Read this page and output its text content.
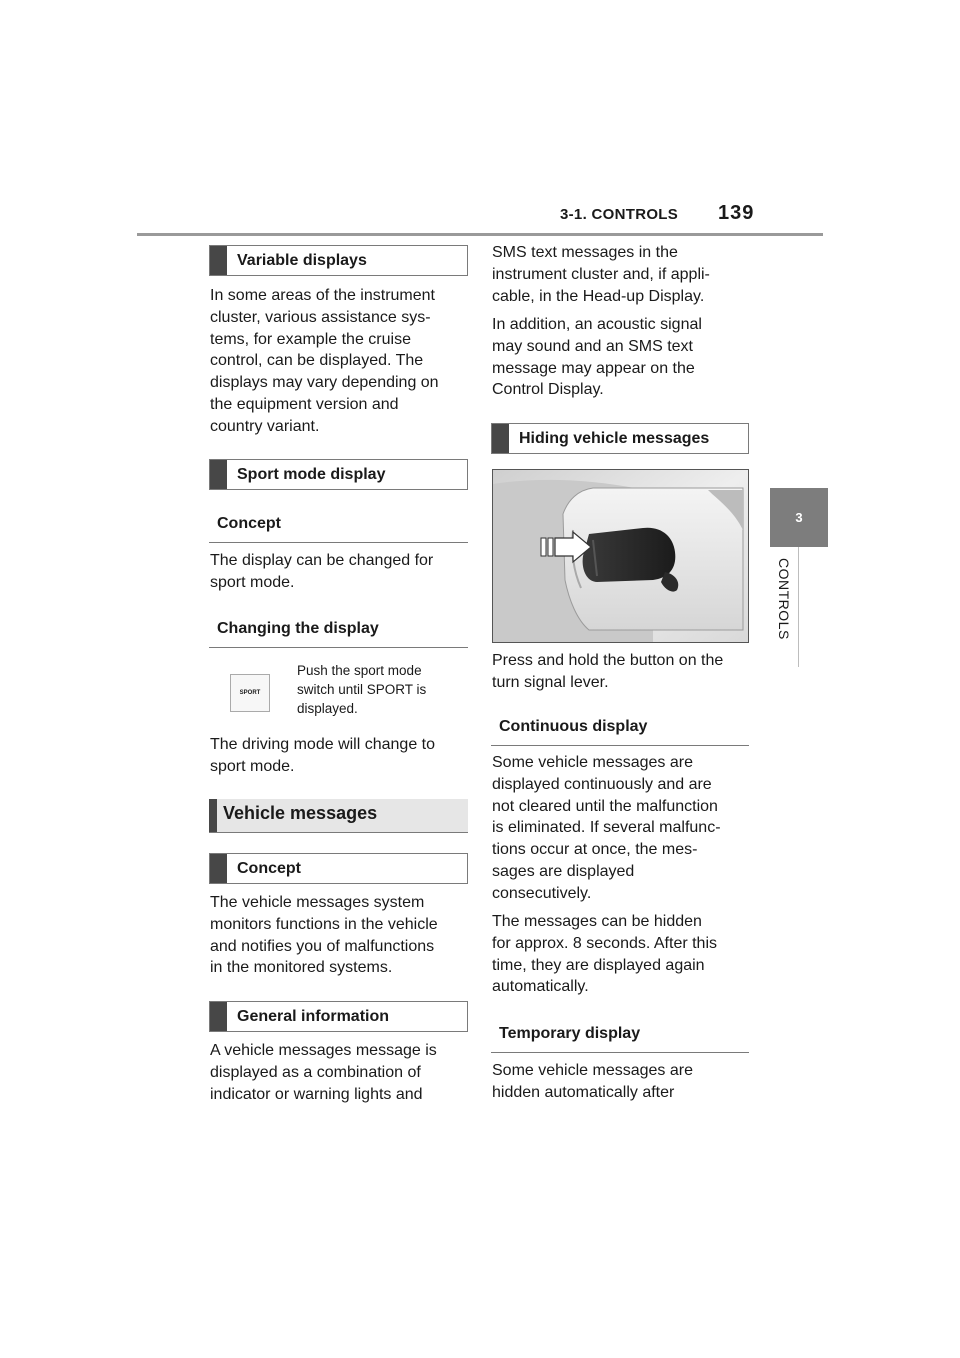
3-1. CONTROLS 139
3
CONTROLS
Variable displays
In some areas of the instrument
cluster, various assistance sys-
tems, for example the cruise
control, can be displayed. The
displays may vary depending on
the equipment version and
country variant.
Sport mode display
Concept
The display can be changed for
sport mode.
Changing the display
SPORT
Push the sport mode
switch until SPORT is
displayed.
The driving mode will change to
sport mode.
Vehicle messages
Concept
The vehicle messages system
monitors functions in the vehicle
and notifies you of malfunctions
in the monitored systems.
General information
A vehicle messages message is
displayed as a combination of
indicator or warning lights and
SMS text messages in the
instrument cluster and, if appli-
cable, in the Head-up Display.
In addition, an acoustic signal
may sound and an SMS text
message may appear on the
Control Display.
Hiding vehicle messages
Press and hold the button on the
turn signal lever.
Continuous display
Some vehicle messages are
displayed continuously and are
not cleared until the malfunction
is eliminated. If several malfunc-
tions occur at once, the mes-
sages are displayed
consecutively.
The messages can be hidden
for approx. 8 seconds. After this
time, they are displayed again
automatically.
Temporary display
Some vehicle messages are
hidden automatically after
